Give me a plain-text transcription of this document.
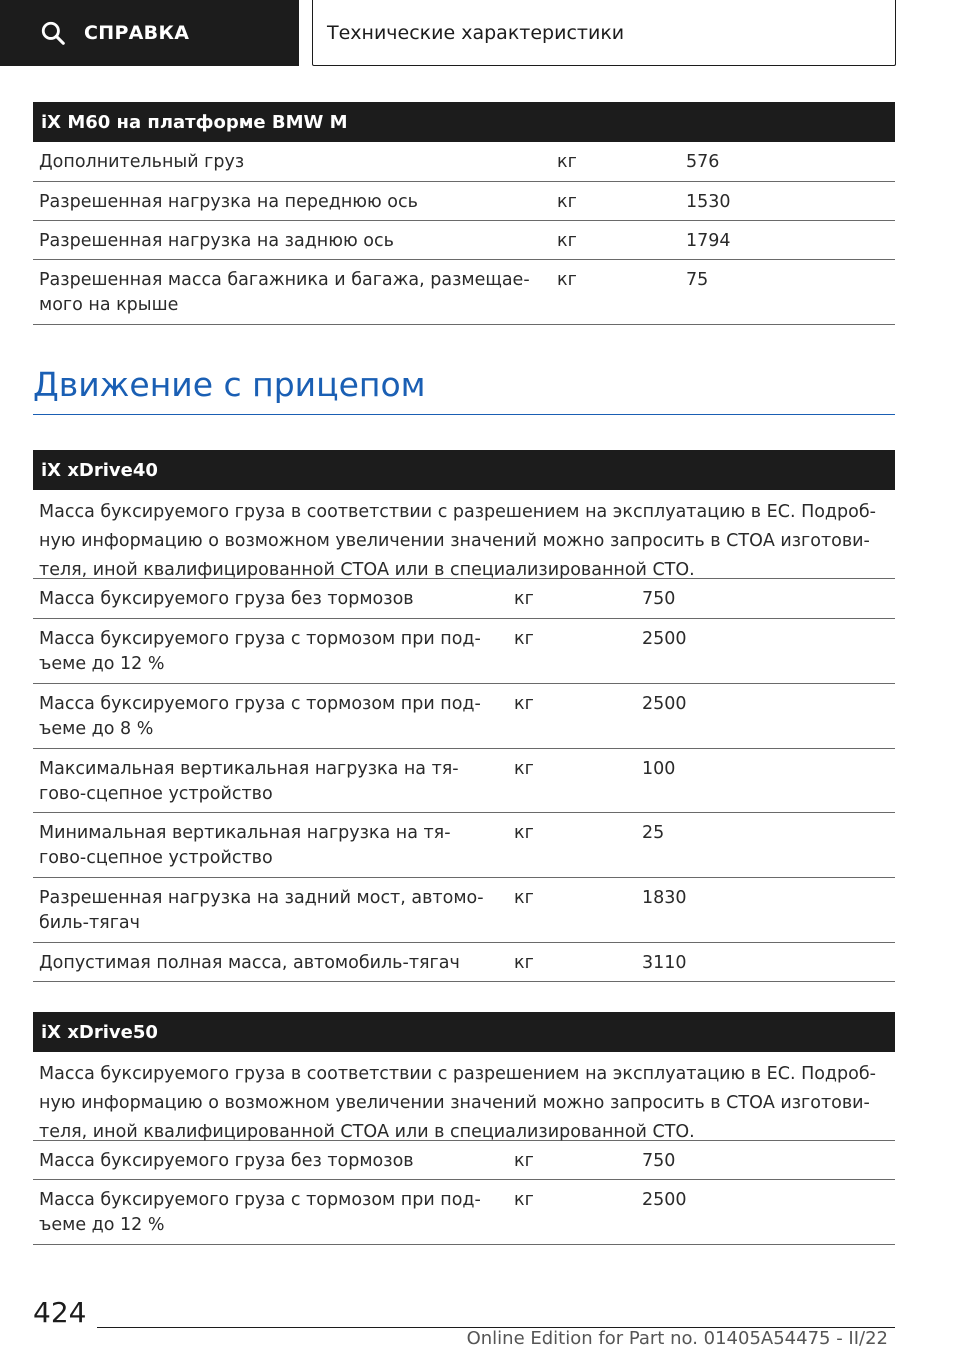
СПРАВКА	Технические характеристики
iX M60 на платформе BMW M
Дополнительный груз	кг	576
Разрешенная нагрузка на переднюю ось	кг	1530
Разрешенная нагрузка на заднюю ось	кг	1794
Разрешенная масса багажника и багажа, размещае-
мого на крыше
кг	75
Движение с прицепом
iX xDrive40
Масса буксируемого груза в соответствии с разрешением на эксплуатацию в ЕС. Подроб-
ную информацию о возможном увеличении значений можно запросить в СТОА изготови-
теля, иной квалифицированной СТОА или в специализированной СТО.
Масса буксируемого груза без тормозов	кг	750
Масса буксируемого груза с тормозом при под-
ъеме до 12 %
кг	2500
Масса буксируемого груза с тормозом при под-
ъеме до 8 %
кг	2500
Максимальная вертикальная нагрузка на тя-
гово-сцепное устройство
кг	100
Минимальная вертикальная нагрузка на тя-
гово-сцепное устройство
кг	25
Разрешенная нагрузка на задний мост, автомо-
биль-тягач
кг	1830
Допустимая полная масса, автомобиль-тягач	кг	3110
iX xDrive50
Масса буксируемого груза в соответствии с разрешением на эксплуатацию в ЕС. Подроб-
ную информацию о возможном увеличении значений можно запросить в СТОА изготови-
теля, иной квалифицированной СТОА или в специализированной СТО.
Масса буксируемого груза без тормозов	кг	750
Масса буксируемого груза с тормозом при под-
ъеме до 12 %
кг	2500
424
Online Edition for Part no. 01405A54475 - II/22
